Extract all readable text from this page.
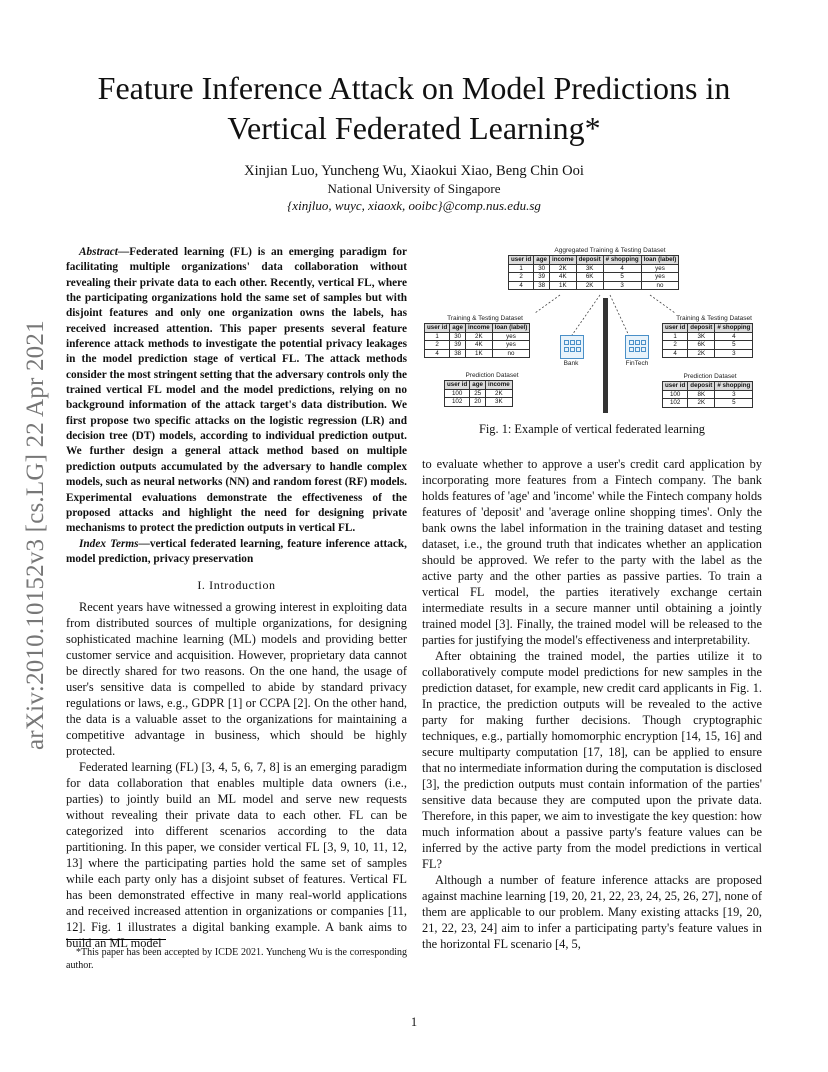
arXiv:2010.10152v3 [cs.LG] 22 Apr 2021
Feature Inference Attack on Model Predictions in
Vertical Federated Learning*
Xinjian Luo, Yuncheng Wu, Xiaokui Xiao, Beng Chin Ooi
National University of Singapore
{xinjluo, wuyc, xiaoxk, ooibc}@comp.nus.edu.sg

Abstract—Federated learning (FL) is an emerging paradigm for facilitating multiple organizations' data collaboration without revealing their private data to each other. Recently, vertical FL, where the participating organizations hold the same set of samples but with disjoint features and only one organization owns the labels, has received increased attention. This paper presents several feature inference attack methods to investigate the potential privacy leakages in the model prediction stage of vertical FL. The attack methods consider the most stringent setting that the adversary controls only the trained vertical FL model and the model predictions, relying on no background information of the attack target's data distribution. We first propose two specific attacks on the logistic regression (LR) and decision tree (DT) models, according to individual prediction output. We further design a general attack method based on multiple prediction outputs accumulated by the adversary to handle complex models, such as neural networks (NN) and random forest (RF) models. Experimental evaluations demonstrate the effectiveness of the proposed attacks and highlight the need for designing private mechanisms to protect the prediction outputs in vertical FL.

Index Terms—vertical federated learning, feature inference attack, model prediction, privacy preservation

I. Introduction

Recent years have witnessed a growing interest in exploiting data from distributed sources of multiple organizations, for designing sophisticated machine learning (ML) models and providing better customer service and acquisition. However, proprietary data cannot be directly shared for two reasons. On the one hand, the usage of user's sensitive data is compelled to abide by standard privacy regulations or laws, e.g., GDPR [1] or CCPA [2]. On the other hand, the data is a valuable asset to the organizations for maintaining a competitive advantage in business, which should be highly protected.

Federated learning (FL) [3, 4, 5, 6, 7, 8] is an emerging paradigm for data collaboration that enables multiple data owners (i.e., parties) to jointly build an ML model and serve new requests without revealing their private data to each other. FL can be categorized into different scenarios according to the data partitioning. In this paper, we consider vertical FL [3, 9, 10, 11, 12, 13] where the participating parties hold the same set of samples while each party only has a disjoint subset of features. Vertical FL has been demonstrated effective in many real-world applications and received increased attention in organizations or companies [11, 12]. Fig. 1 illustrates a digital banking example. A bank aims to build an ML model

*This paper has been accepted by ICDE 2021. Yuncheng Wu is the corresponding author.
1
Aggregated Training & Testing Dataset
user id	age	income	deposit	# shopping	loan (label)
1	30	2K	3K	4	yes
2	39	4K	6K	5	yes
4	38	1K	2K	3	no
Training & Testing Dataset
user id	age	income	loan (label)
1	30	2K	yes
2	39	4K	yes
4	38	1K	no
Training & Testing Dataset
user id	deposit	# shopping
1	3K	4
2	6K	5
4	2K	3
Bank	FinTech
Prediction Dataset
user id	age	income
100	25	2K
102	20	3K
Prediction Dataset
user id	deposit	# shopping
100	8K	3
102	2K	5
Fig. 1: Example of vertical federated learning

to evaluate whether to approve a user's credit card application by incorporating more features from a Fintech company. The bank holds features of 'age' and 'income' while the Fintech company holds features of 'deposit' and 'average online shopping times'. Only the bank owns the label information in the training dataset and testing dataset, i.e., the ground truth that indicates whether an application should be approved. We refer to the party with the label as the active party and the other parties as passive parties. To train a vertical FL model, the parties iteratively exchange certain intermediate results in a secure manner until obtaining a jointly trained model [3]. Finally, the trained model will be released to the parties for justifying the model's effectiveness and interpretability.

After obtaining the trained model, the parties utilize it to collaboratively compute model predictions for new samples in the prediction dataset, for example, new credit card applicants in Fig. 1. In practice, the prediction outputs will be revealed to the active party for making further decisions. Though cryptographic techniques, e.g., partially homomorphic encryption [14, 15, 16] and secure multiparty computation [17, 18], can be applied to ensure that no intermediate information during the computation is disclosed [3], the prediction outputs must contain information of the parties' sensitive data because they are computed upon the private data. Therefore, in this paper, we aim to investigate the key question: how much information about a passive party's feature values can be inferred by the active party from the model predictions in vertical FL?

Although a number of feature inference attacks are proposed against machine learning [19, 20, 21, 22, 23, 24, 25, 26, 27], none of them are applicable to our problem. Many existing attacks [19, 20, 21, 22, 23, 24] aim to infer a participating party's feature values in the horizontal FL scenario [4, 5,
